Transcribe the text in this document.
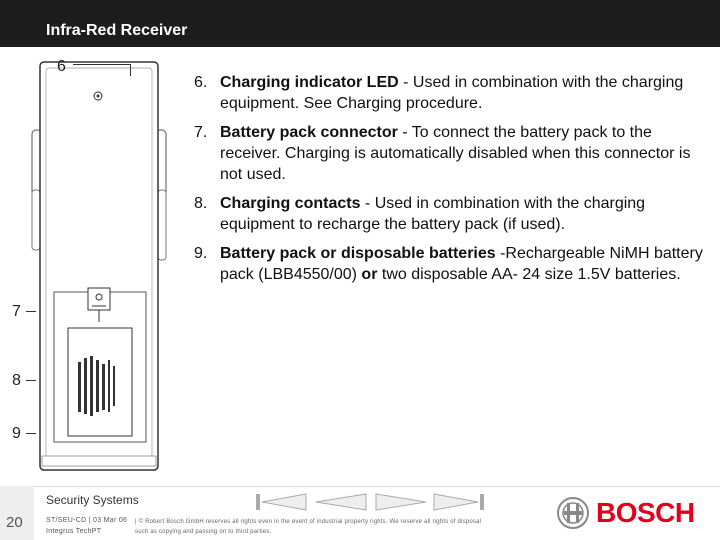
Infra-Red Receiver
6
7
8
9
6. Charging indicator LED - Used in combination with the charging equipment. See Charging procedure.
7. Battery pack connector - To connect the battery pack to the receiver. Charging is automatically disabled when this connector is not used.
8. Charging contacts - Used in combination with the charging equipment to recharge the battery pack (if used).
9. Battery pack or disposable batteries -Rechargeable NiMH battery pack (LBB4550/00) or two disposable AA- 24 size 1.5V batteries.
20
Security Systems
ST/SEU-CD | 03 Mar 06
Integrus TechPT
| © Robert Bosch GmbH reserves all rights even in the event of industrial property rights. We reserve all rights of disposal such as copying and passing on to third parties.
BOSCH
